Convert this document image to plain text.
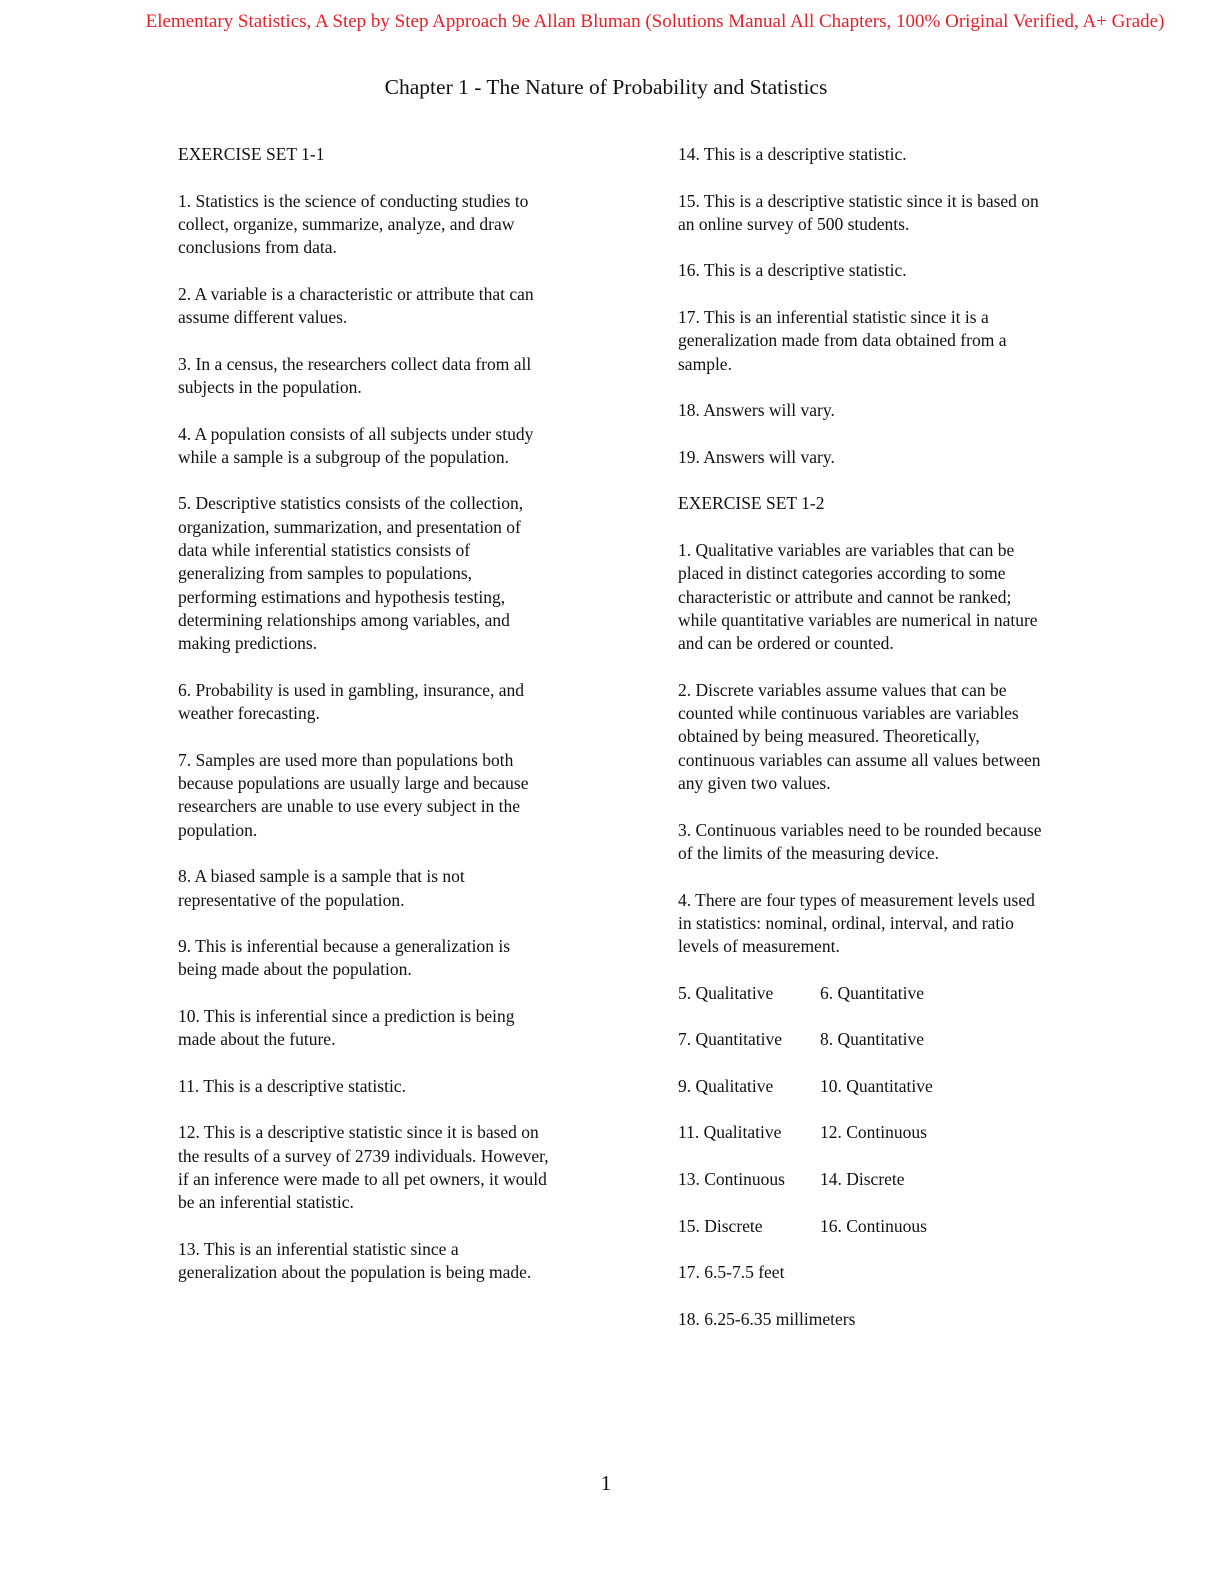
Elementary Statistics, A Step by Step Approach 9e Allan Bluman (Solutions Manual All Chapters, 100% Original Verified, A+ Grade)
Chapter 1 - The Nature of Probability and Statistics

EXERCISE SET 1-1

1. Statistics is the science of conducting studies to collect, organize, summarize, analyze, and draw conclusions from data.

2. A variable is a characteristic or attribute that can assume different values.

3. In a census, the researchers collect data from all subjects in the population.

4. A population consists of all subjects under study while a sample is a subgroup of the population.

5. Descriptive statistics consists of the collection, organization, summarization, and presentation of data while inferential statistics consists of generalizing from samples to populations, performing estimations and hypothesis testing, determining relationships among variables, and making predictions.

6. Probability is used in gambling, insurance, and weather forecasting.

7. Samples are used more than populations both because populations are usually large and because researchers are unable to use every subject in the population.

8. A biased sample is a sample that is not representative of the population.

9. This is inferential because a generalization is being made about the population.

10. This is inferential since a prediction is being made about the future.

11. This is a descriptive statistic.

12. This is a descriptive statistic since it is based on the results of a survey of 2739 individuals. However, if an inference were made to all pet owners, it would be an inferential statistic.

13. This is an inferential statistic since a generalization about the population is being made.

14. This is a descriptive statistic.

15. This is a descriptive statistic since it is based on an online survey of 500 students.

16. This is a descriptive statistic.

17. This is an inferential statistic since it is a generalization made from data obtained from a sample.

18. Answers will vary.

19. Answers will vary.

EXERCISE SET 1-2

1. Qualitative variables are variables that can be placed in distinct categories according to some characteristic or attribute and cannot be ranked; while quantitative variables are numerical in nature and can be ordered or counted.

2. Discrete variables assume values that can be counted while continuous variables are variables obtained by being measured. Theoretically, continuous variables can assume all values between any given two values.

3. Continuous variables need to be rounded because of the limits of the measuring device.

4. There are four types of measurement levels used in statistics: nominal, ordinal, interval, and ratio levels of measurement.

5. Qualitative	6. Quantitative
7. Quantitative 8. Quantitative
9. Qualitative	10. Quantitative
11. Qualitative 12. Continuous
13. Continuous 14. Discrete
15. Discrete	16. Continuous

17. 6.5-7.5 feet

18. 6.25-6.35 millimeters

1
